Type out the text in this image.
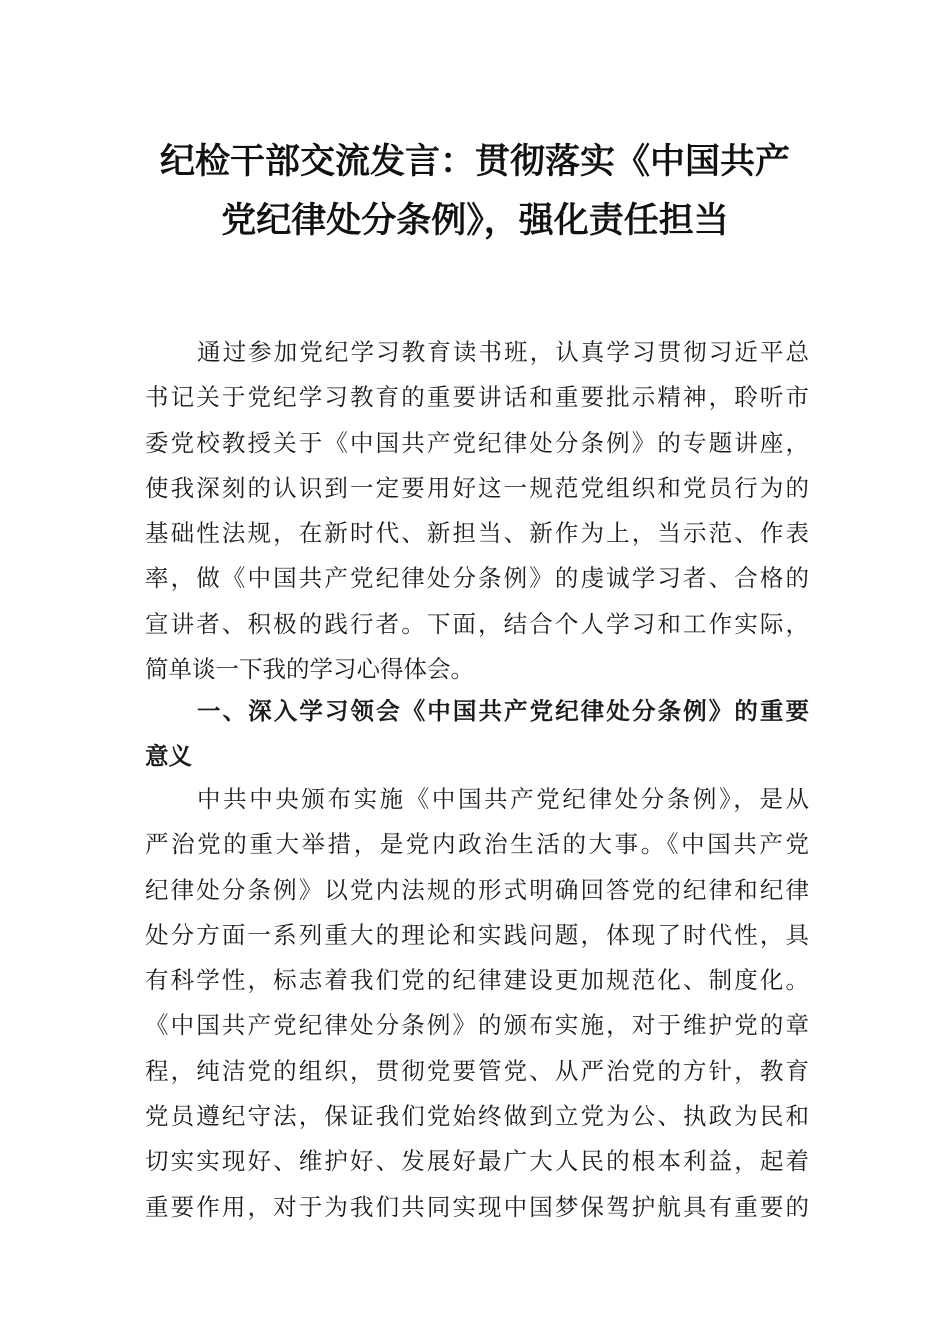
纪检干部交流发言：贯彻落实《中国共产
党纪律处分条例》，强化责任担当
通过参加党纪学习教育读书班，认真学习贯彻习近平总
书记关于党纪学习教育的重要讲话和重要批示精神，聆听市
委党校教授关于《中国共产党纪律处分条例》的专题讲座，
使我深刻的认识到一定要用好这一规范党组织和党员行为的
基础性法规，在新时代、新担当、新作为上，当示范、作表
率，做《中国共产党纪律处分条例》的虔诚学习者、合格的
宣讲者、积极的践行者。下面，结合个人学习和工作实际，
简单谈一下我的学习心得体会。
一、深入学习领会《中国共产党纪律处分条例》的重要
意义
中共中央颁布实施《中国共产党纪律处分条例》，是从
严治党的重大举措，是党内政治生活的大事。《中国共产党
纪律处分条例》以党内法规的形式明确回答党的纪律和纪律
处分方面一系列重大的理论和实践问题，体现了时代性，具
有科学性，标志着我们党的纪律建设更加规范化、制度化。
《中国共产党纪律处分条例》的颁布实施，对于维护党的章
程，纯洁党的组织，贯彻党要管党、从严治党的方针，教育
党员遵纪守法，保证我们党始终做到立党为公、执政为民和
切实实现好、维护好、发展好最广大人民的根本利益，起着
重要作用，对于为我们共同实现中国梦保驾护航具有重要的
